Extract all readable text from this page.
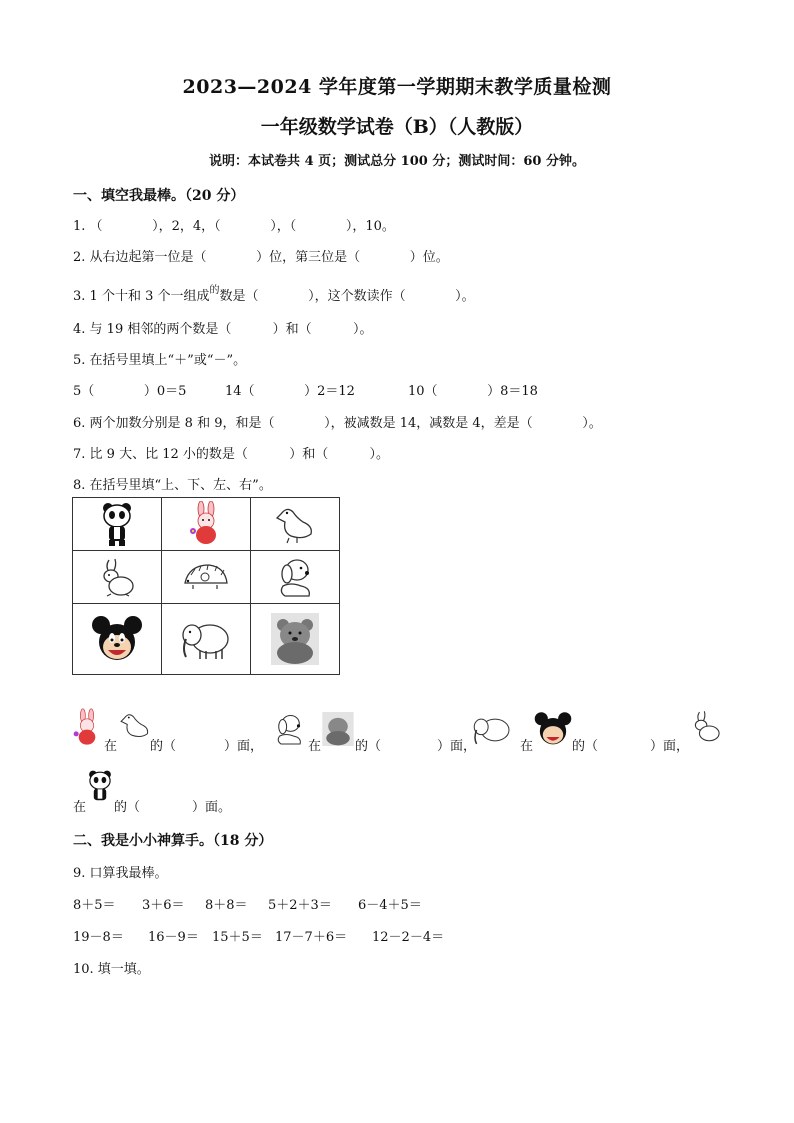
2023—2024 学年度第一学期期末教学质量检测
一年级数学试卷（B）（人教版）
说明：本试卷共 4 页；测试总分 100 分；测试时间：60 分钟。
一、填空我最棒。（20 分）
1. （            ），2，4，（            ），（            ），10。
2. 从右边起第一位是（            ）位，第三位是（            ）位。
3. 1 个十和 3 个一组成$^的$数是（            ），这个数读作（            ）。
4. 与 19 相邻的两个数是（          ）和（          ）。
5. 在括号里填上“＋”或“－”。
5（            ）0＝5	14（            ）2＝12	10（            ）8＝18
6. 两个加数分别是 8 和 9，和是（            ），被减数是 14，减数是 4，差是（            ）。
7. 比 9 大、比 12 小的数是（          ）和（          ）。
8. 在括号里填“上、下、左、右”。

在	的（	）面，	在	的（	）面，	在	的（	）面，
在 的（	）面。
二、我是小小神算手。（18 分）
9. 口算我最棒。
8＋5＝ 3＋6＝ 8＋8＝ 5＋2＋3＝ 6－4＋5＝
19－8＝ 16－9＝ 15＋5＝ 17－7＋6＝ 12－2－4＝
10. 填一填。
